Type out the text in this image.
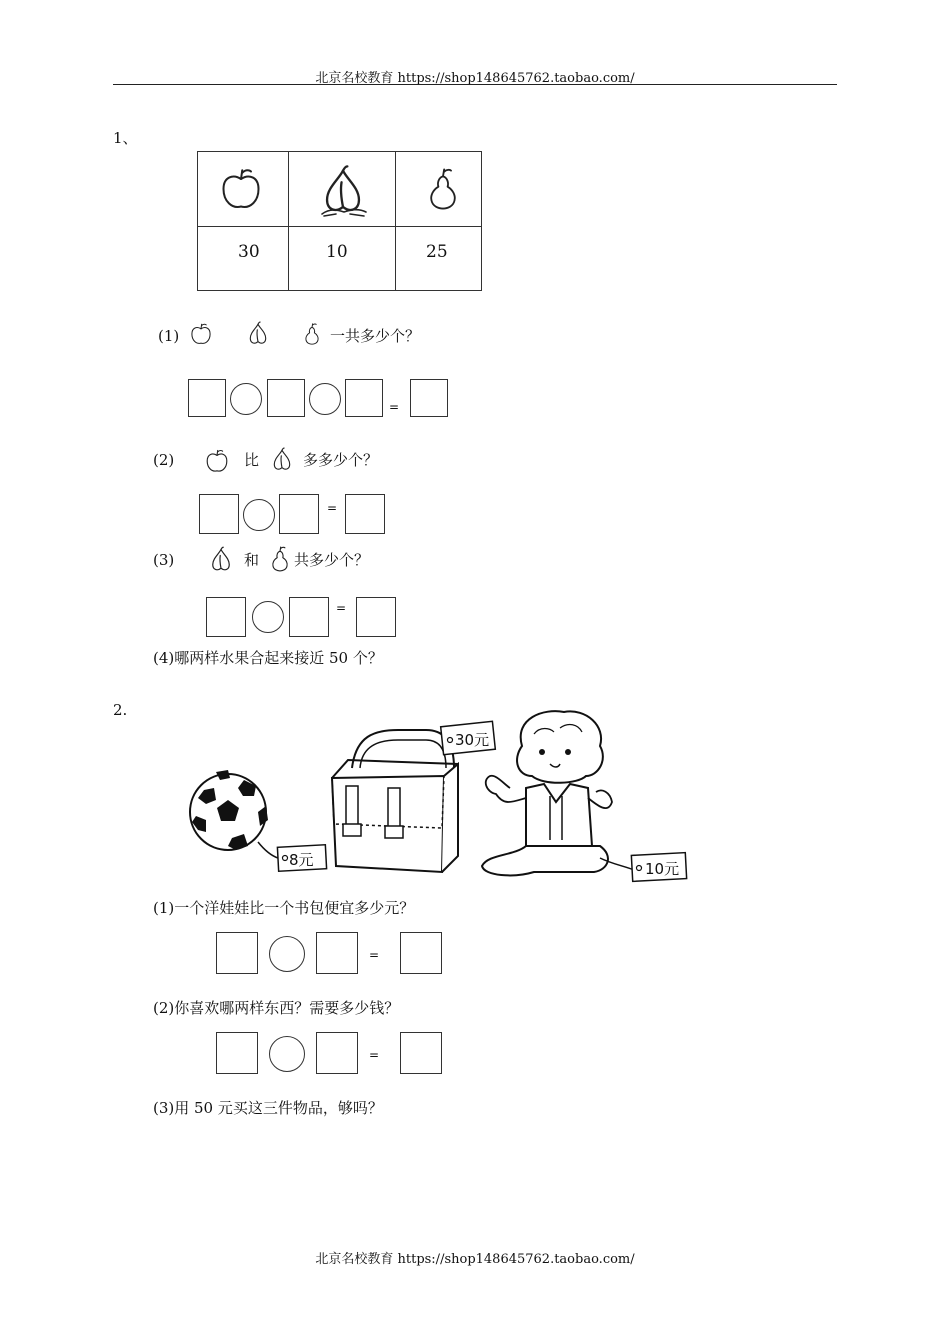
北京名校教育 https://shop148645762.taobao.com/
1、
30	10	25
(1)	一共多少个？
=
(2)	比	多多少个？
=
(3)	和 共多少个？
=
(4)哪两样水果合起来接近 50 个？
2.
8元
30元
10元
(1)一个洋娃娃比一个书包便宜多少元？
=
(2)你喜欢哪两样东西？需要多少钱？
=
(3)用 50 元买这三件物品，够吗？
北京名校教育 https://shop148645762.taobao.com/
